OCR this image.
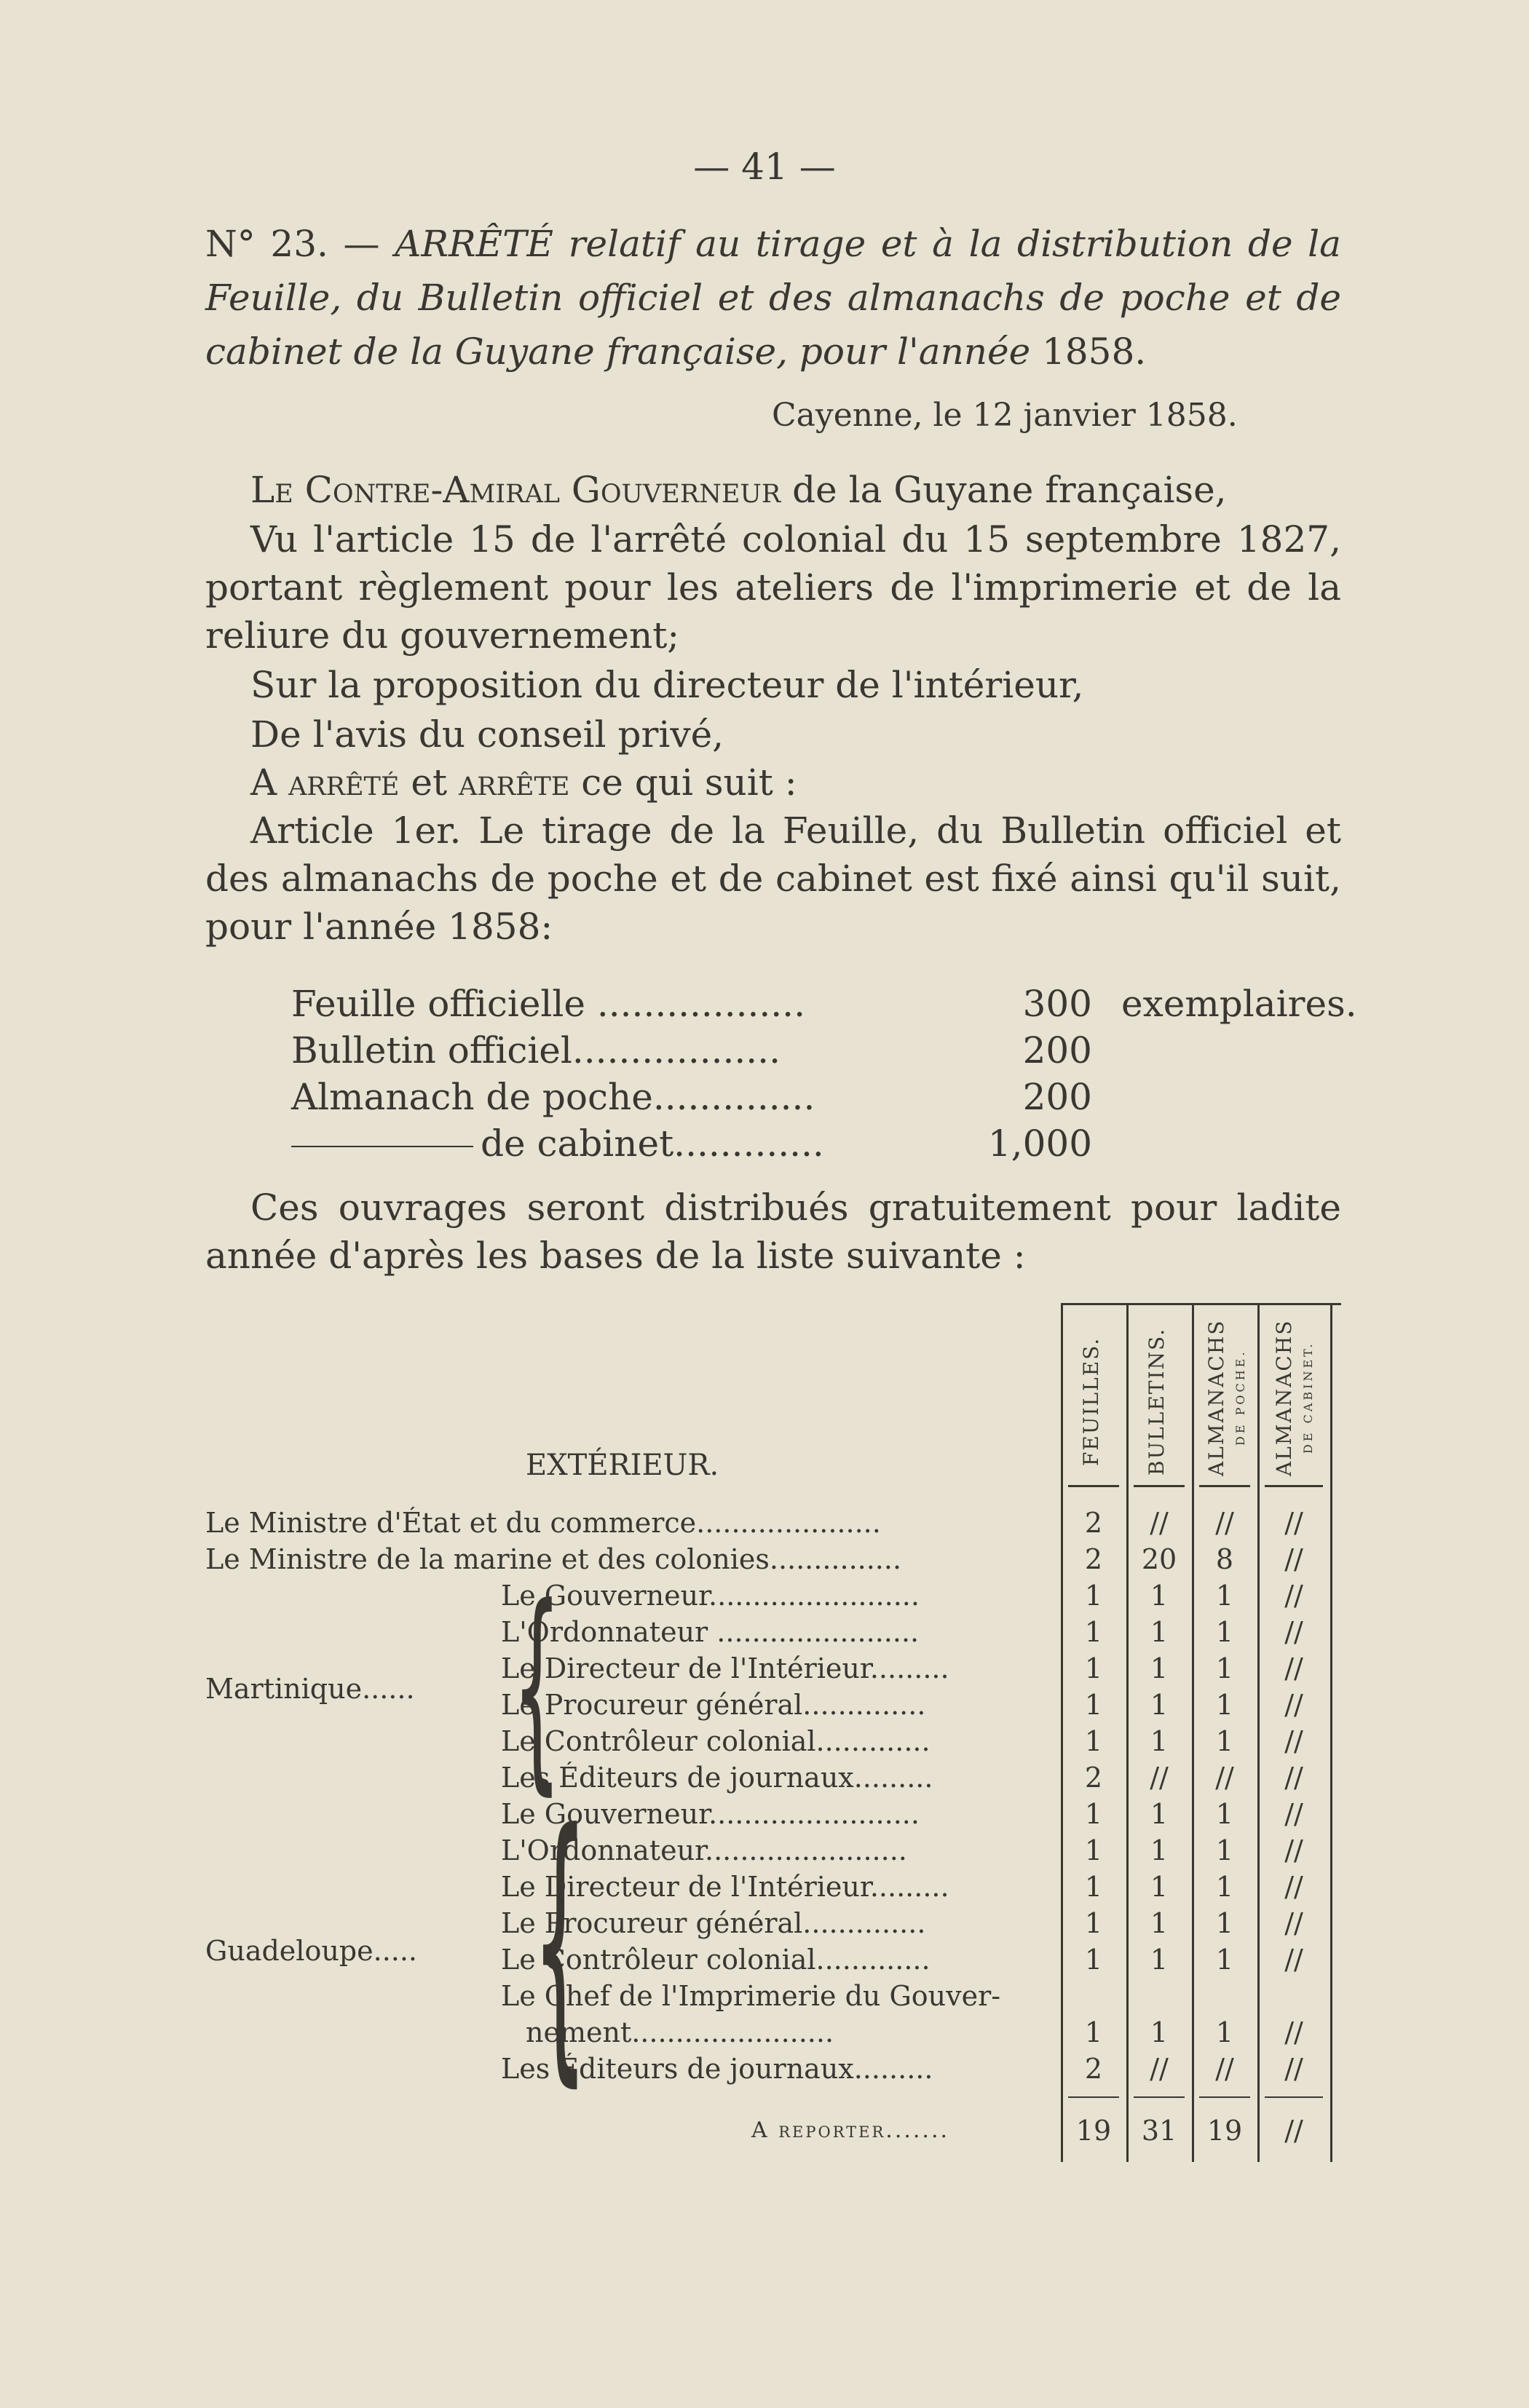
— 41 —
N° 23. — ARRÊTÉ relatif au tirage et à la distribution de la Feuille, du Bulletin officiel et des almanachs de poche et de cabinet de la Guyane française, pour l'année 1858.
Cayenne, le 12 janvier 1858.
Le Contre-Amiral Gouverneur de la Guyane française,
Vu l'article 15 de l'arrêté colonial du 15 septembre 1827, portant règlement pour les ateliers de l'imprimerie et de la reliure du gouvernement;
Sur la proposition du directeur de l'intérieur,
De l'avis du conseil privé,
A arrêté et arrête ce qui suit :
Article 1er. Le tirage de la Feuille, du Bulletin officiel et des almanachs de poche et de cabinet est fixé ainsi qu'il suit, pour l'année 1858:
Feuille officielle ..................	300 exemplaires.
Bulletin officiel..................	200
Almanach de poche..............	200
de cabinet.............	1,000
Ces ouvrages seront distribués gratuitement pour ladite année d'après les bases de la liste suivante :
FEUILLES. BULLETINS. ALMANACHS DE POCHE. ALMANACHS DE CABINET.
EXTÉRIEUR.
Le Ministre d'État et du commerce.....................	2	//	//	//
Le Ministre de la marine et des colonies...............	2	20	8	//
Martinique...... {
Le Gouverneur........................	1	1	1	//
L'Ordonnateur .......................	1	1	1	//
Le Directeur de l'Intérieur.........	1	1	1	//
Le Procureur général..............	1	1	1	//
Le Contrôleur colonial.............	1	1	1	//
Les Éditeurs de journaux.........	2	//	//	//
Guadeloupe..... {
Le Gouverneur........................	1	1	1	//
L'Ordonnateur.......................	1	1	1	//
Le Directeur de l'Intérieur.........	1	1	1	//
Le Procureur général..............	1	1	1	//
Le Contrôleur colonial.............	1	1	1	//
Le Chef de l'Imprimerie du Gouver-
nement.......................	1	1	1	//
Les Éditeurs de journaux.........	2	//	//	//
A reporter.......	19	31	19	//
